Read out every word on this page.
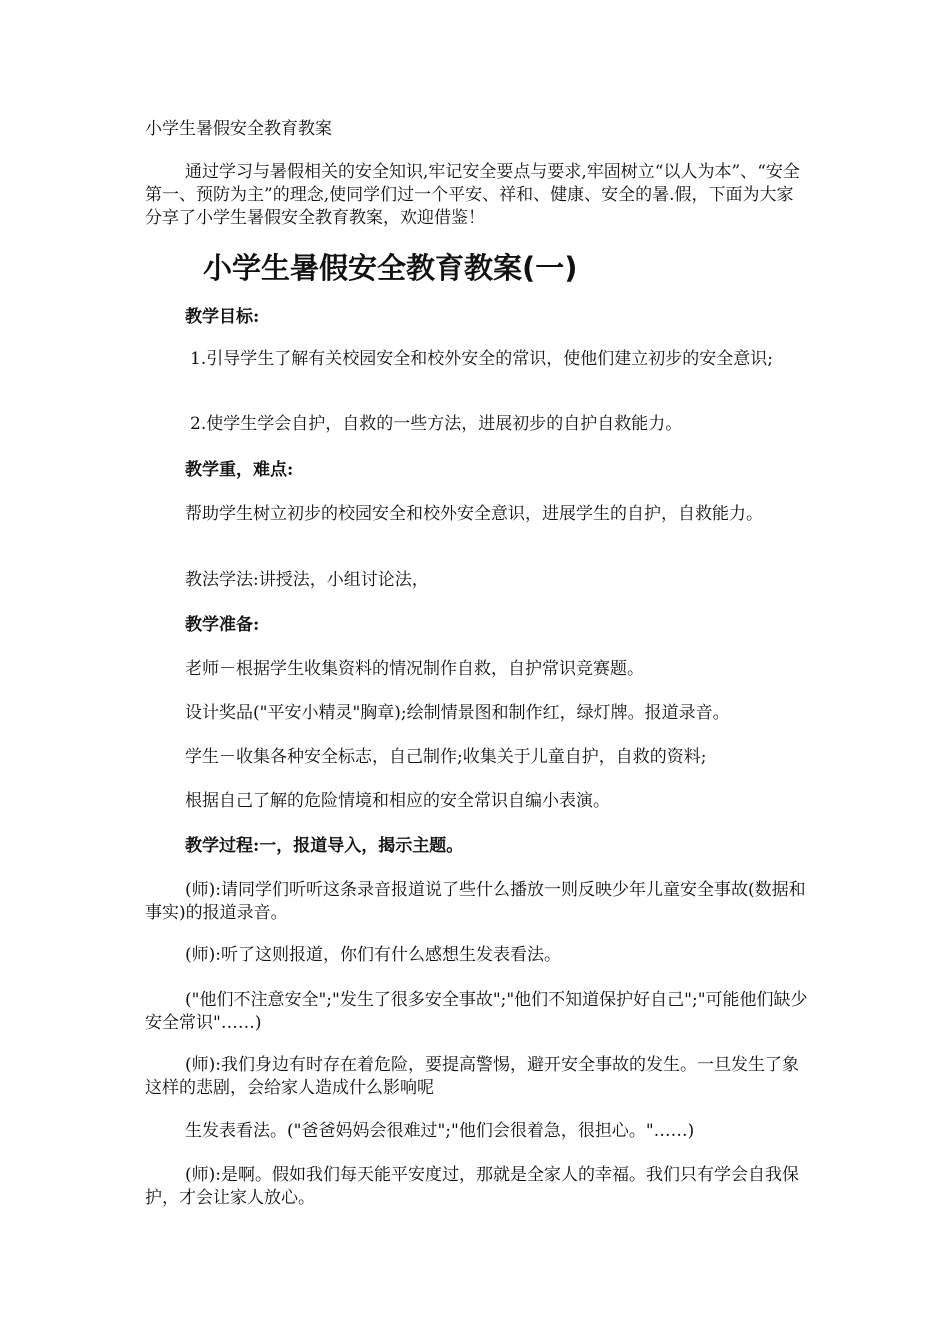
小学生暑假安全教育教案

通过学习与暑假相关的安全知识,牢记安全要点与要求,牢固树立“以人为本”、“安全第一、预防为主”的理念,使同学们过一个平安、祥和、健康、安全的暑.假，下面为大家分享了小学生暑假安全教育教案，欢迎借鉴！

小学生暑假安全教育教案(一)

教学目标:

1.引导学生了解有关校园安全和校外安全的常识，使他们建立初步的安全意识;

2.使学生学会自护，自救的一些方法，进展初步的自护自救能力。

教学重，难点:

帮助学生树立初步的校园安全和校外安全意识，进展学生的自护，自救能力。

教法学法:讲授法，小组讨论法，

教学准备:

老师－根据学生收集资料的情况制作自救，自护常识竞赛题。

设计奖品("平安小精灵"胸章);绘制情景图和制作红，绿灯牌。报道录音。

学生－收集各种安全标志，自己制作;收集关于儿童自护，自救的资料;

根据自己了解的危险情境和相应的安全常识自编小表演。

教学过程:一，报道导入，揭示主题。

(师):请同学们听听这条录音报道说了些什么播放一则反映少年儿童安全事故(数据和事实)的报道录音。

(师):听了这则报道，你们有什么感想生发表看法。

("他们不注意安全";"发生了很多安全事故";"他们不知道保护好自己";"可能他们缺少安全常识"……)

(师):我们身边有时存在着危险，要提高警惕，避开安全事故的发生。一旦发生了象这样的悲剧，会给家人造成什么影响呢

生发表看法。("爸爸妈妈会很难过";"他们会很着急，很担心。"……)

(师):是啊。假如我们每天能平安度过，那就是全家人的幸福。我们只有学会自我保护，才会让家人放心。
